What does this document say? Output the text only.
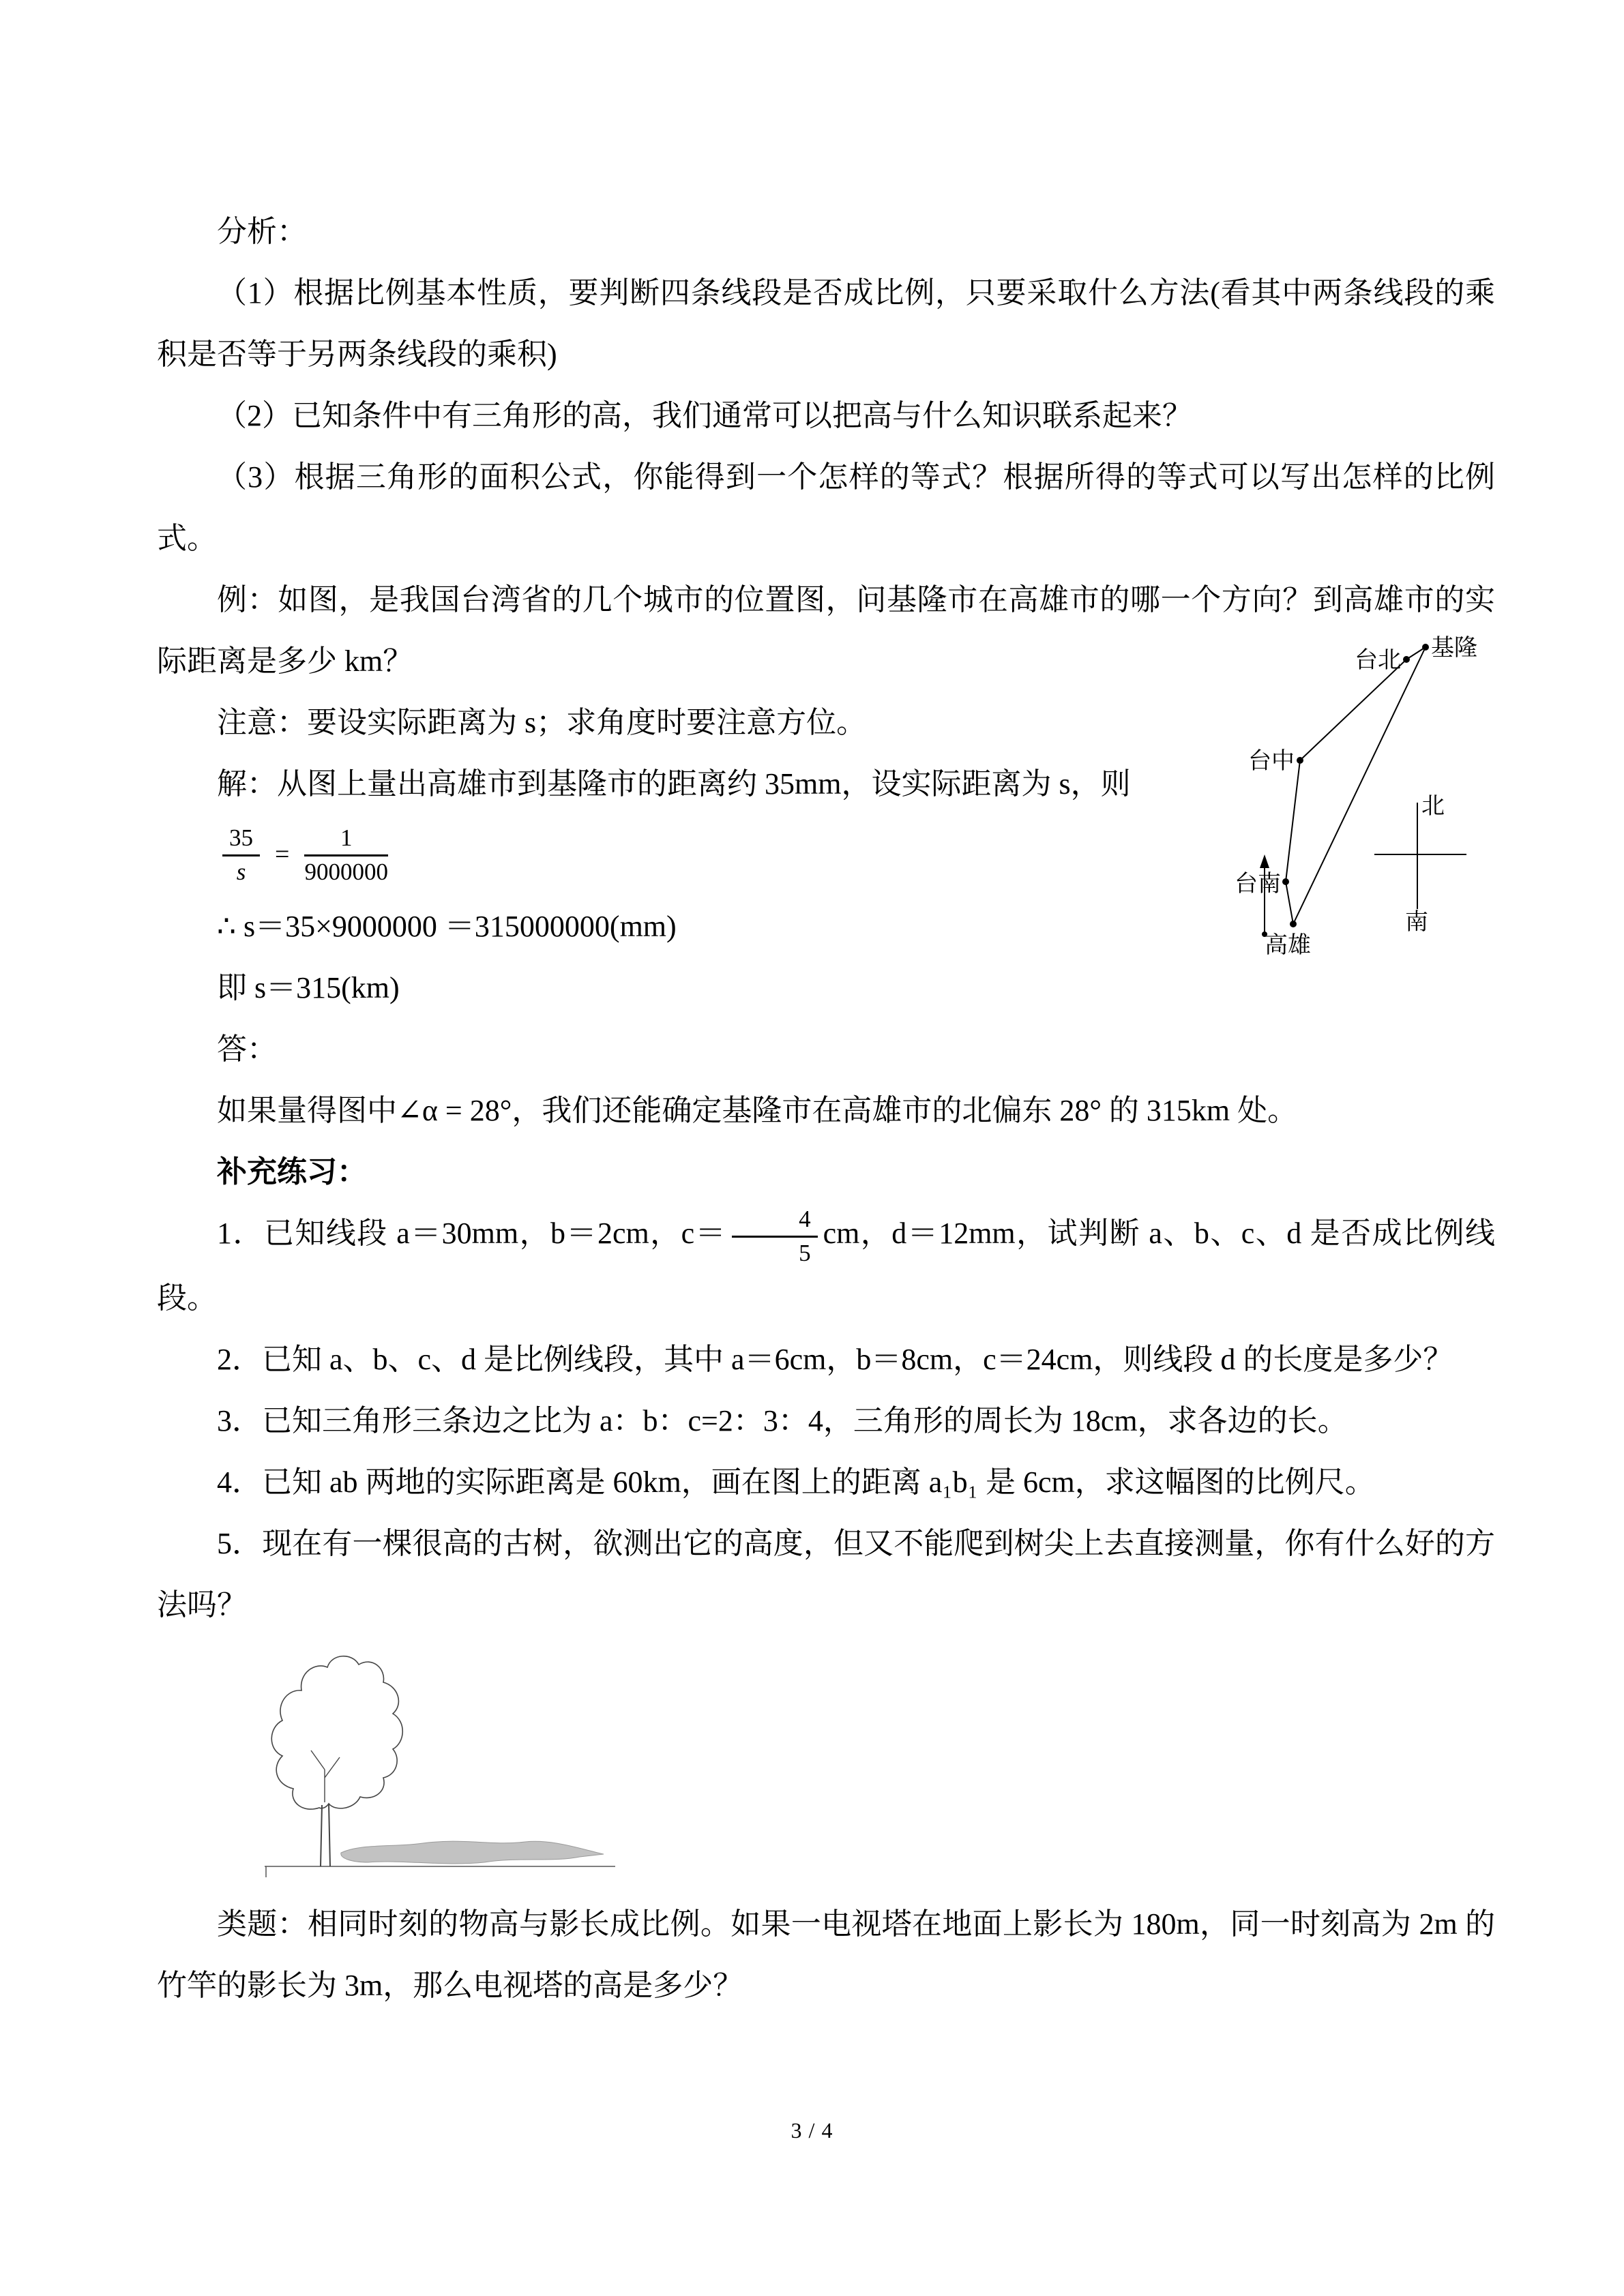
分析：

（1）根据比例基本性质，要判断四条线段是否成比例，只要采取什么方法(看其中两条线段的乘积是否等于另两条线段的乘积)

（2）已知条件中有三角形的高，我们通常可以把高与什么知识联系起来？

（3）根据三角形的面积公式，你能得到一个怎样的等式？根据所得的等式可以写出怎样的比例式。

例：如图，是我国台湾省的几个城市的位置图，问基隆市在高雄市的哪一个方向？到高雄市的实际距离是多少 km？

注意：要设实际距离为 s；求角度时要注意方位。

解：从图上量出高雄市到基隆市的距离约 35mm，设实际距离为 s，则

$\frac{35}{s} = \frac{1}{9000000}$

∴ s＝35×9000000 ＝315000000(mm)

即 s＝315(km)

答：

如果量得图中∠α = 28°，我们还能确定基隆市在高雄市的北偏东 28° 的 315km 处。

补充练习：

1．已知线段 a＝30mm，b＝2cm，$c= \frac{4}{5}$ cm，d＝12mm，试判断 a、b、c、d 是否成比例线段。

2．已知 a、b、c、d 是比例线段，其中 a＝6cm，b＝8cm，c＝24cm，则线段 d 的长度是多少？

3．已知三角形三条边之比为 a：b：c=2：3：4，三角形的周长为 18cm，求各边的长。

4．已知 ab 两地的实际距离是 60km，画在图上的距离 a₁b₁ 是 6cm，求这幅图的比例尺。

5．现在有一棵很高的古树，欲测出它的高度，但又不能爬到树尖上去直接测量，你有什么好的方法吗？

类题：相同时刻的物高与影长成比例。如果一电视塔在地面上影长为 180m，同一时刻高为 2m 的竹竿的影长为 3m，那么电视塔的高是多少？

台北 基隆
台中
台南
高雄
北
南
3 / 4
